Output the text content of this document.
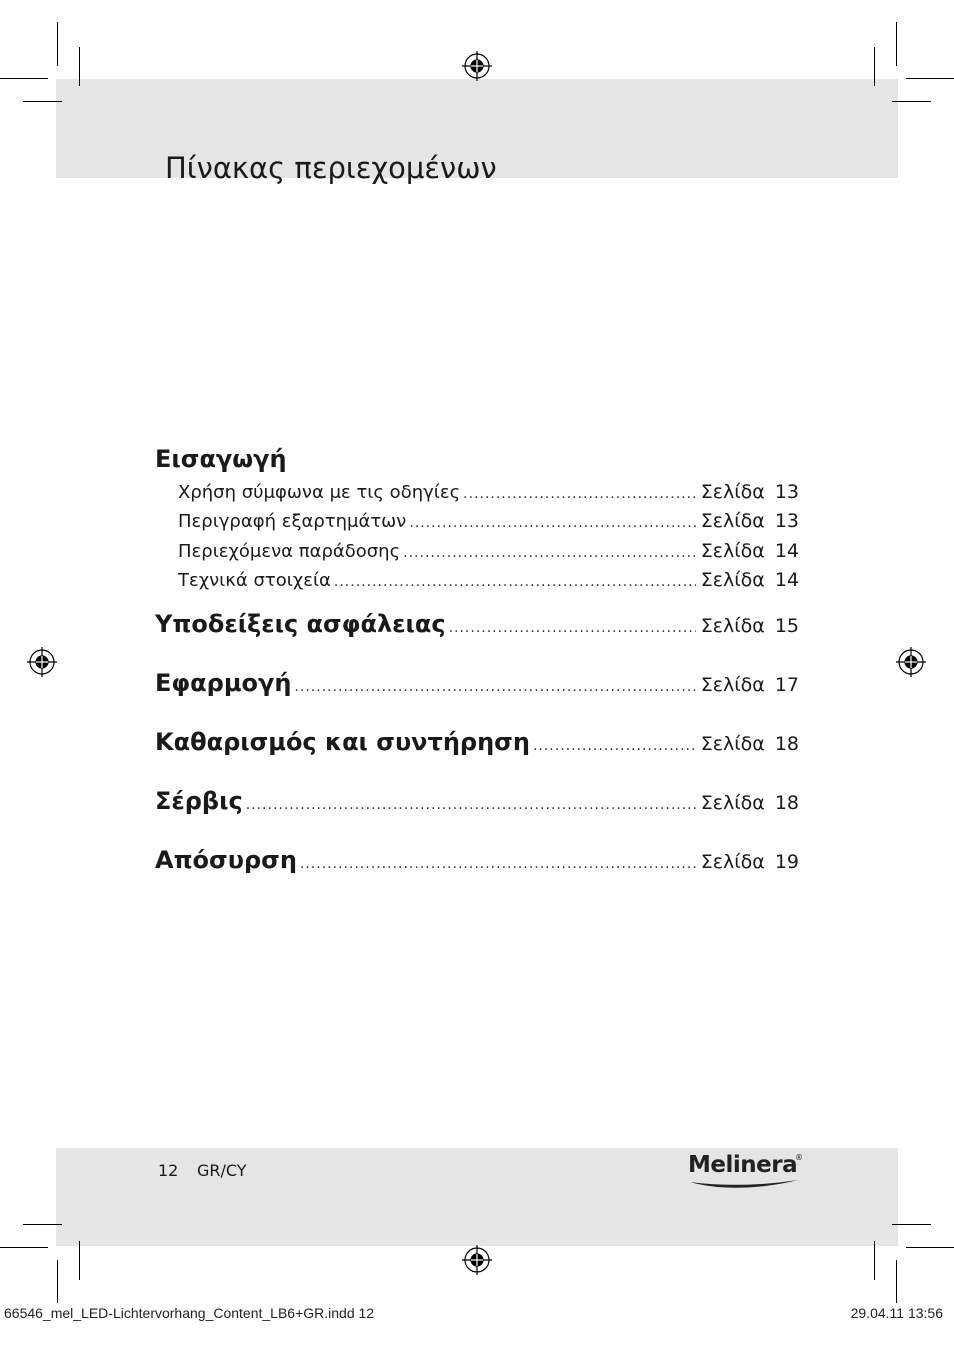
Πίνακας περιεχομένων
Εισαγωγή
Χρήση σύμφωνα με τις οδηγίες .....	Σελίδα 13
Περιγραφή εξαρτημάτων .....	Σελίδα 13
Περιεχόμενα παράδοσης .....	Σελίδα 14
Τεχνικά στοιχεία .....	Σελίδα 14
Υποδείξεις ασφάλειας .....	Σελίδα 15
Εφαρμογή .....	Σελίδα 17
Καθαρισμός και συντήρηση .....	Σελίδα 18
Σέρβις .....	Σελίδα 18
Απόσυρση .....	Σελίδα 19
12 GR/CY	Melinera
®
66546_mel_LED-Lichtervorhang_Content_LB6+GR.indd 12	29.04.11 13:56
